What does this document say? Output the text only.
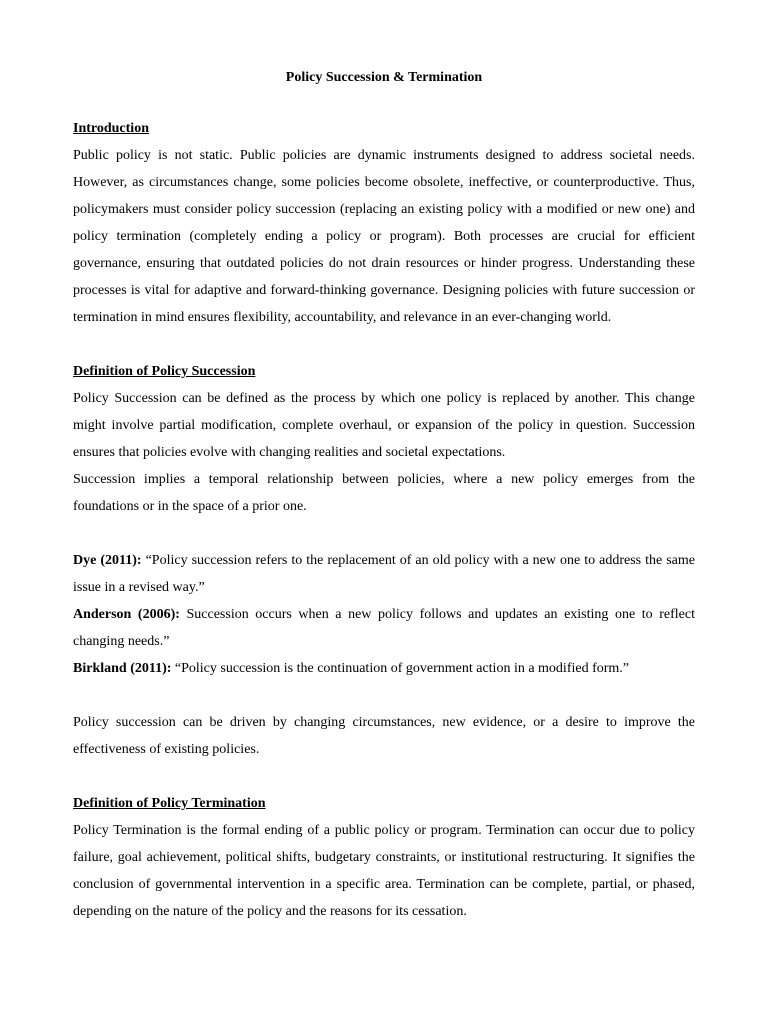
Policy Succession & Termination
Introduction

Public policy is not static. Public policies are dynamic instruments designed to address societal needs. However, as circumstances change, some policies become obsolete, ineffective, or counterproductive. Thus, policymakers must consider policy succession (replacing an existing policy with a modified or new one) and policy termination (completely ending a policy or program). Both processes are crucial for efficient governance, ensuring that outdated policies do not drain resources or hinder progress. Understanding these processes is vital for adaptive and forward-thinking governance. Designing policies with future succession or termination in mind ensures flexibility, accountability, and relevance in an ever-changing world.

Definition of Policy Succession

Policy Succession can be defined as the process by which one policy is replaced by another. This change might involve partial modification, complete overhaul, or expansion of the policy in question. Succession ensures that policies evolve with changing realities and societal expectations.

Succession implies a temporal relationship between policies, where a new policy emerges from the foundations or in the space of a prior one.

Dye (2011): “Policy succession refers to the replacement of an old policy with a new one to address the same issue in a revised way.”

Anderson (2006): Succession occurs when a new policy follows and updates an existing one to reflect changing needs.”

Birkland (2011): “Policy succession is the continuation of government action in a modified form.”

Policy succession can be driven by changing circumstances, new evidence, or a desire to improve the effectiveness of existing policies.

Definition of Policy Termination

Policy Termination is the formal ending of a public policy or program. Termination can occur due to policy failure, goal achievement, political shifts, budgetary constraints, or institutional restructuring. It signifies the conclusion of governmental intervention in a specific area. Termination can be complete, partial, or phased, depending on the nature of the policy and the reasons for its cessation.
